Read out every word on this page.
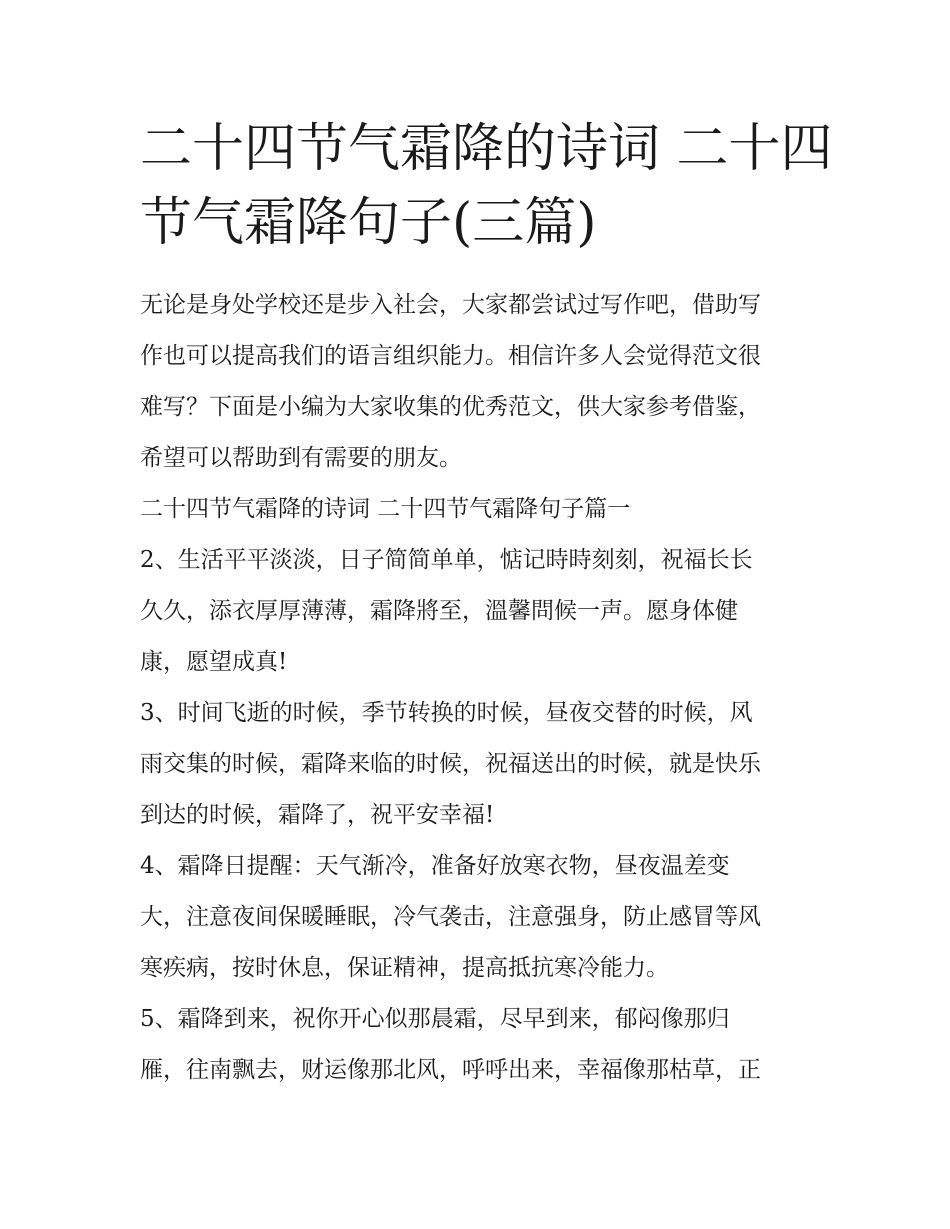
二十四节气霜降的诗词 二十四
节气霜降句子(三篇)

无论是身处学校还是步入社会，大家都尝试过写作吧，借助写
作也可以提高我们的语言组织能力。相信许多人会觉得范文很
难写？下面是小编为大家收集的优秀范文，供大家参考借鉴，
希望可以帮助到有需要的朋友。

二十四节气霜降的诗词 二十四节气霜降句子篇一

2、生活平平淡淡，日子简简单单，惦记時時刻刻，祝福长长
久久，添衣厚厚薄薄，霜降將至，溫馨問候一声。愿身体健
康，愿望成真!

3、时间飞逝的时候，季节转换的时候，昼夜交替的时候，风
雨交集的时候，霜降来临的时候，祝福送出的时候，就是快乐
到达的时候，霜降了，祝平安幸福!

4、霜降日提醒：天气渐冷，准备好放寒衣物，昼夜温差变
大，注意夜间保暖睡眠，冷气袭击，注意强身，防止感冒等风
寒疾病，按时休息，保证精神，提高抵抗寒冷能力。

5、霜降到来，祝你开心似那晨霜，尽早到来，郁闷像那归
雁，往南飘去，财运像那北风，呼呼出来，幸福像那枯草，正
